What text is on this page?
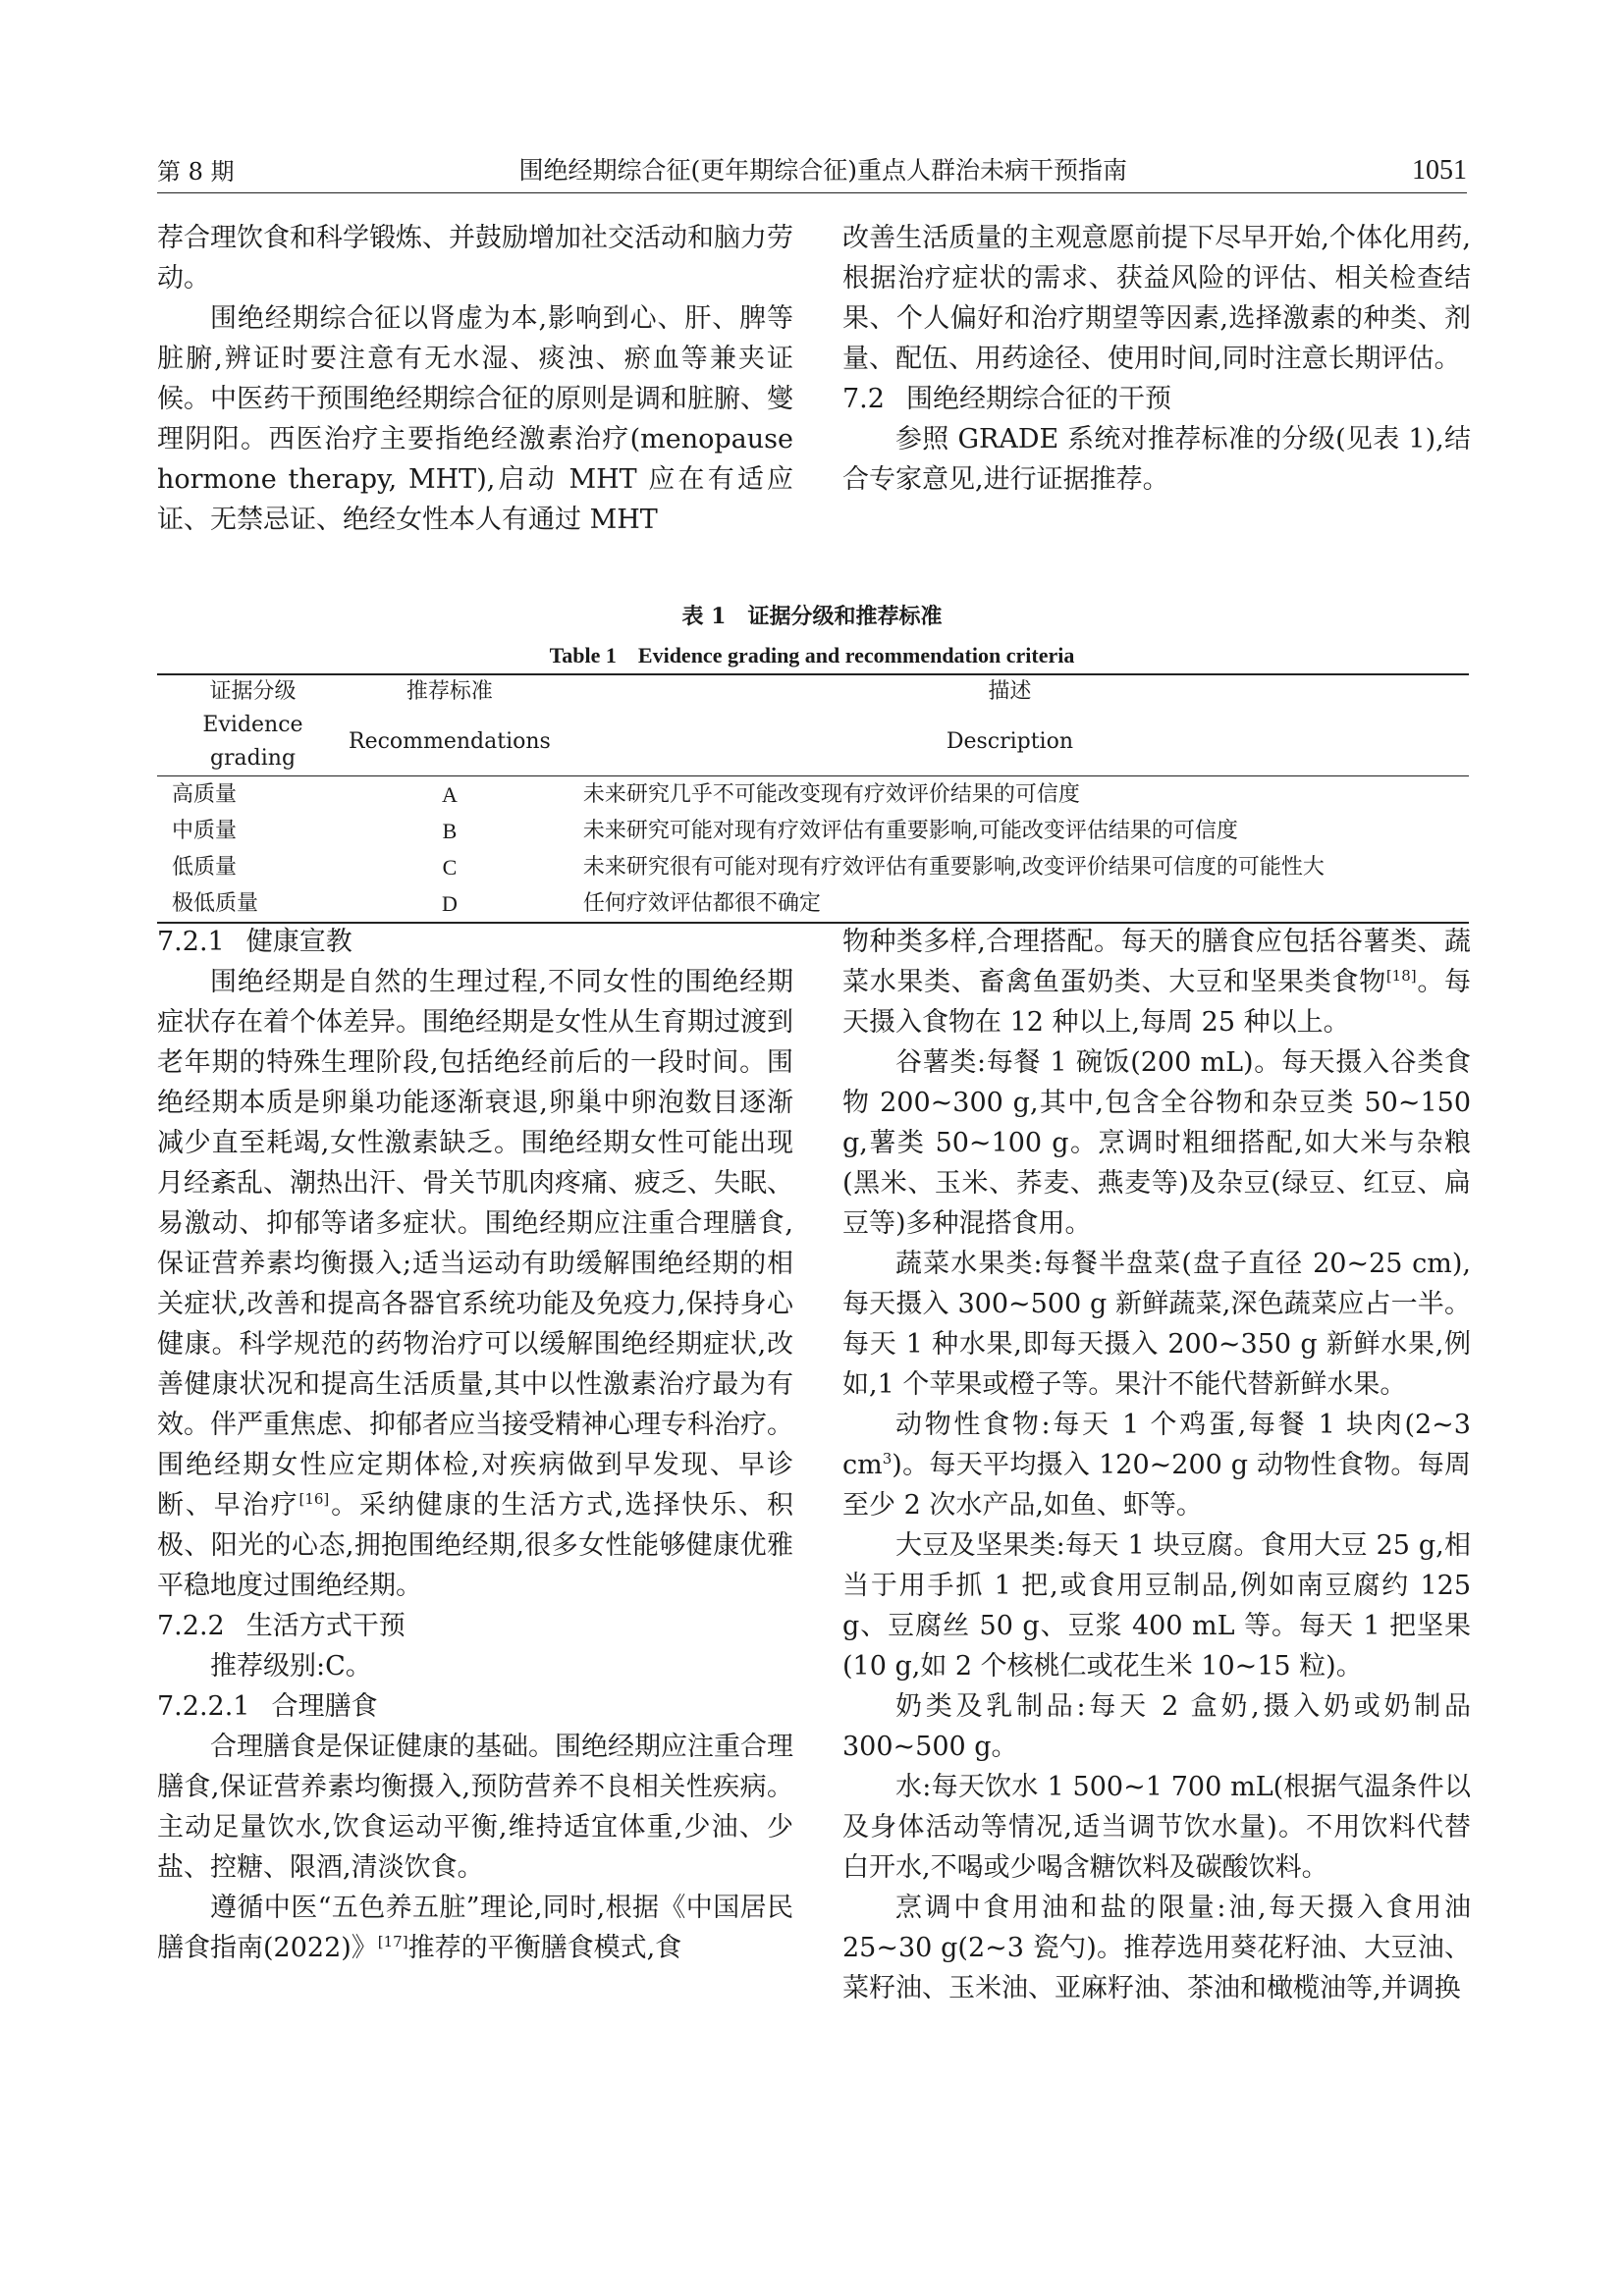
第 8 期	围绝经期综合征(更年期综合征)重点人群治未病干预指南	1051

荐合理饮食和科学锻炼、并鼓励增加社交活动和脑力劳动。

围绝经期综合征以肾虚为本,影响到心、肝、脾等脏腑,辨证时要注意有无水湿、痰浊、瘀血等兼夹证候。中医药干预围绝经期综合征的原则是调和脏腑、燮理阴阳。西医治疗主要指绝经激素治疗(menopause hormone therapy, MHT),启动 MHT 应在有适应证、无禁忌证、绝经女性本人有通过 MHT

改善生活质量的主观意愿前提下尽早开始,个体化用药,根据治疗症状的需求、获益风险的评估、相关检查结果、个人偏好和治疗期望等因素,选择激素的种类、剂量、配伍、用药途径、使用时间,同时注意长期评估。

7.2 围绝经期综合征的干预

参照 GRADE 系统对推荐标准的分级(见表 1),结合专家意见,进行证据推荐。

表 1　证据分级和推荐标准
Table 1　Evidence grading and recommendation criteria
证据分级	推荐标准	描述
Evidence grading	Recommendations	Description
高质量	A	未来研究几乎不可能改变现有疗效评价结果的可信度
中质量	B	未来研究可能对现有疗效评估有重要影响,可能改变评估结果的可信度
低质量	C	未来研究很有可能对现有疗效评估有重要影响,改变评价结果可信度的可能性大
极低质量	D	任何疗效评估都很不确定

7.2.1 健康宣教

围绝经期是自然的生理过程,不同女性的围绝经期症状存在着个体差异。围绝经期是女性从生育期过渡到老年期的特殊生理阶段,包括绝经前后的一段时间。围绝经期本质是卵巢功能逐渐衰退,卵巢中卵泡数目逐渐减少直至耗竭,女性激素缺乏。围绝经期女性可能出现月经紊乱、潮热出汗、骨关节肌肉疼痛、疲乏、失眠、易激动、抑郁等诸多症状。围绝经期应注重合理膳食,保证营养素均衡摄入;适当运动有助缓解围绝经期的相关症状,改善和提高各器官系统功能及免疫力,保持身心健康。科学规范的药物治疗可以缓解围绝经期症状,改善健康状况和提高生活质量,其中以性激素治疗最为有效。伴严重焦虑、抑郁者应当接受精神心理专科治疗。围绝经期女性应定期体检,对疾病做到早发现、早诊断、早治疗[16]。采纳健康的生活方式,选择快乐、积极、阳光的心态,拥抱围绝经期,很多女性能够健康优雅平稳地度过围绝经期。

7.2.2 生活方式干预

推荐级别:C。

7.2.2.1 合理膳食

合理膳食是保证健康的基础。围绝经期应注重合理膳食,保证营养素均衡摄入,预防营养不良相关性疾病。主动足量饮水,饮食运动平衡,维持适宜体重,少油、少盐、控糖、限酒,清淡饮食。

遵循中医“五色养五脏”理论,同时,根据《中国居民膳食指南(2022)》[17]推荐的平衡膳食模式,食

物种类多样,合理搭配。每天的膳食应包括谷薯类、蔬菜水果类、畜禽鱼蛋奶类、大豆和坚果类食物[18]。每天摄入食物在 12 种以上,每周 25 种以上。

谷薯类:每餐 1 碗饭(200 mL)。每天摄入谷类食物 200~300 g,其中,包含全谷物和杂豆类 50~150 g,薯类 50~100 g。烹调时粗细搭配,如大米与杂粮(黑米、玉米、荞麦、燕麦等)及杂豆(绿豆、红豆、扁豆等)多种混搭食用。

蔬菜水果类:每餐半盘菜(盘子直径 20~25 cm),每天摄入 300~500 g 新鲜蔬菜,深色蔬菜应占一半。每天 1 种水果,即每天摄入 200~350 g 新鲜水果,例如,1 个苹果或橙子等。果汁不能代替新鲜水果。

动物性食物:每天 1 个鸡蛋,每餐 1 块肉(2~3 $cm^3$)。每天平均摄入 120~200 g 动物性食物。每周至少 2 次水产品,如鱼、虾等。

大豆及坚果类:每天 1 块豆腐。食用大豆 25 g,相当于用手抓 1 把,或食用豆制品,例如南豆腐约 125 g、豆腐丝 50 g、豆浆 400 mL 等。每天 1 把坚果(10 g,如 2 个核桃仁或花生米 10~15 粒)。

奶类及乳制品:每天 2 盒奶,摄入奶或奶制品 300~500 g。

水:每天饮水 1 500~1 700 mL(根据气温条件以及身体活动等情况,适当调节饮水量)。不用饮料代替白开水,不喝或少喝含糖饮料及碳酸饮料。

烹调中食用油和盐的限量:油,每天摄入食用油 25~30 g(2~3 瓷勺)。推荐选用葵花籽油、大豆油、菜籽油、玉米油、亚麻籽油、茶油和橄榄油等,并调换
